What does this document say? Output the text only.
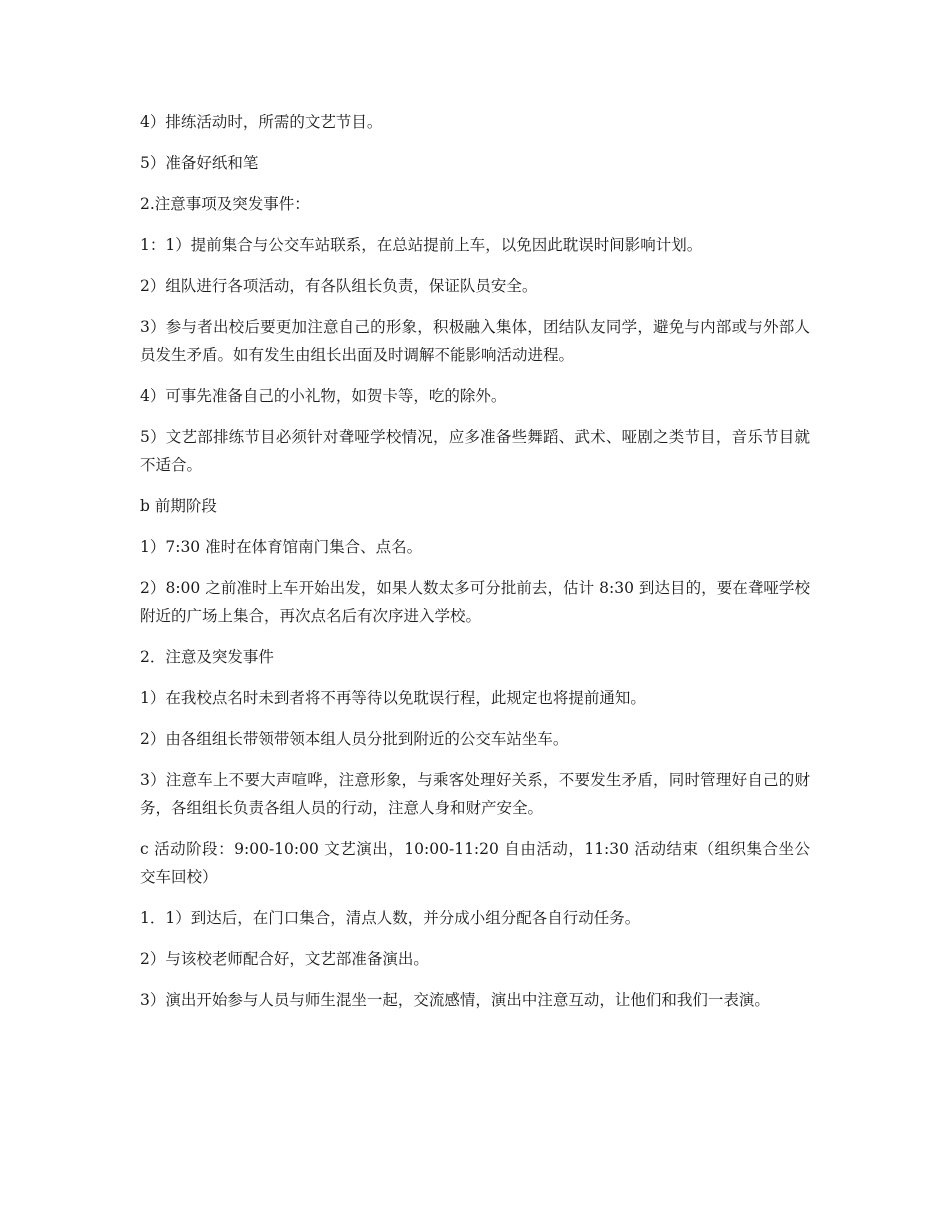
4）排练活动时，所需的文艺节目。

5）准备好纸和笔

2.注意事项及突发事件：

1：1）提前集合与公交车站联系，在总站提前上车，以免因此耽误时间影响计划。

2）组队进行各项活动，有各队组长负责，保证队员安全。

3）参与者出校后要更加注意自己的形象，积极融入集体，团结队友同学，避免与内部或与外部人员发生矛盾。如有发生由组长出面及时调解不能影响活动进程。

4）可事先准备自己的小礼物，如贺卡等，吃的除外。

5）文艺部排练节目必须针对聋哑学校情况，应多准备些舞蹈、武术、哑剧之类节目，音乐节目就不适合。

b 前期阶段

1）7:30 准时在体育馆南门集合、点名。

2）8:00 之前准时上车开始出发，如果人数太多可分批前去，估计 8:30 到达目的，要在聋哑学校附近的广场上集合，再次点名后有次序进入学校。

2．注意及突发事件

1）在我校点名时未到者将不再等待以免耽误行程，此规定也将提前通知。

2）由各组组长带领带领本组人员分批到附近的公交车站坐车。

3）注意车上不要大声喧哗，注意形象，与乘客处理好关系，不要发生矛盾，同时管理好自己的财务，各组组长负责各组人员的行动，注意人身和财产安全。

c 活动阶段：9:00-10:00 文艺演出，10:00-11:20 自由活动，11:30 活动结束（组织集合坐公交车回校）

1．1）到达后，在门口集合，清点人数，并分成小组分配各自行动任务。

2）与该校老师配合好，文艺部准备演出。

3）演出开始参与人员与师生混坐一起，交流感情，演出中注意互动，让他们和我们一表演。
